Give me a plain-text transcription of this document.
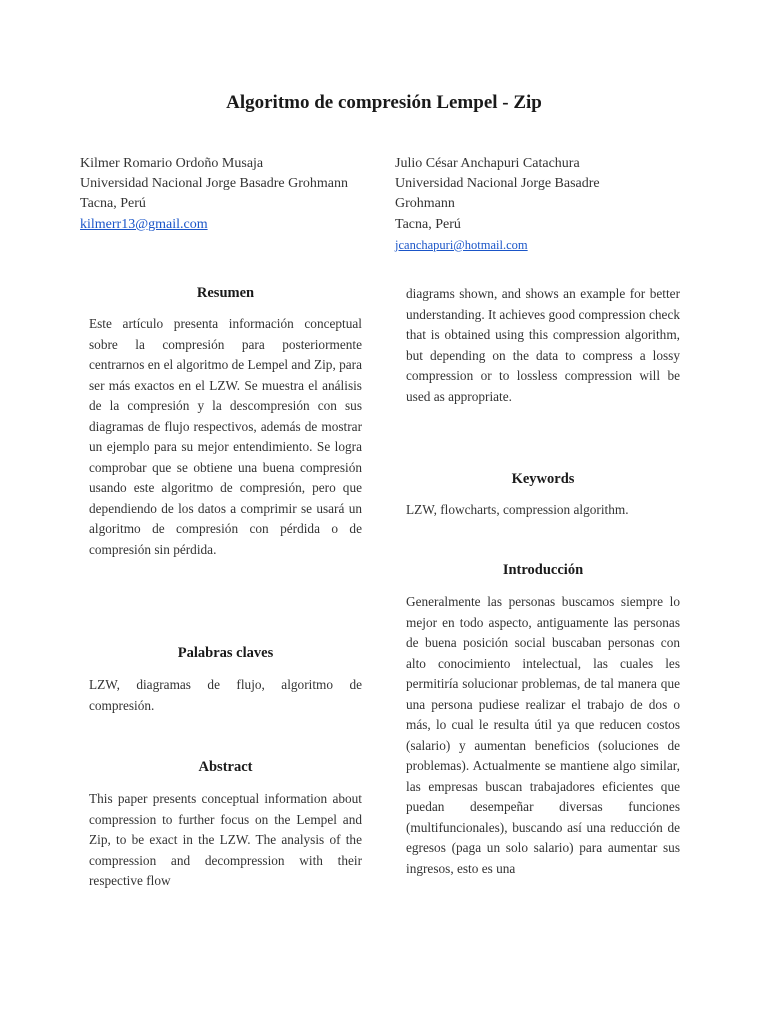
Algoritmo de compresión Lempel - Zip
Kilmer Romario Ordoño Musaja
Universidad Nacional Jorge Basadre Grohmann
Tacna, Perú
kilmerr13@gmail.com
Julio César Anchapuri Catachura
Universidad Nacional Jorge Basadre
Grohmann
Tacna, Perú
jcanchapuri@hotmail.com
Resumen
Este artículo presenta información conceptual sobre la compresión para posteriormente centrarnos en el algoritmo de Lempel and Zip, para ser más exactos en el LZW. Se muestra el análisis de la compresión y la descompresión con sus diagramas de flujo respectivos, además de mostrar un ejemplo para su mejor entendimiento. Se logra comprobar que se obtiene una buena compresión usando este algoritmo de compresión, pero que dependiendo de los datos a comprimir se usará un algoritmo de compresión con pérdida o de compresión sin pérdida.
Palabras claves
LZW, diagramas de flujo, algoritmo de compresión.
Abstract
This paper presents conceptual information about compression to further focus on the Lempel and Zip, to be exact in the LZW. The analysis of the compression and decompression with their respective flow
diagrams shown, and shows an example for better understanding. It achieves good compression check that is obtained using this compression algorithm, but depending on the data to compress a lossy compression or to lossless compression will be used as appropriate.
Keywords
LZW, flowcharts, compression algorithm.
Introducción
Generalmente las personas buscamos siempre lo mejor en todo aspecto, antiguamente las personas de buena posición social buscaban personas con alto conocimiento intelectual, las cuales les permitiría solucionar problemas, de tal manera que una persona pudiese realizar el trabajo de dos o más, lo cual le resulta útil ya que reducen costos (salario) y aumentan beneficios (soluciones de problemas). Actualmente se mantiene algo similar, las empresas buscan trabajadores eficientes que puedan desempeñar diversas funciones (multifuncionales), buscando así una reducción de egresos (paga un solo salario) para aumentar sus ingresos, esto es una
